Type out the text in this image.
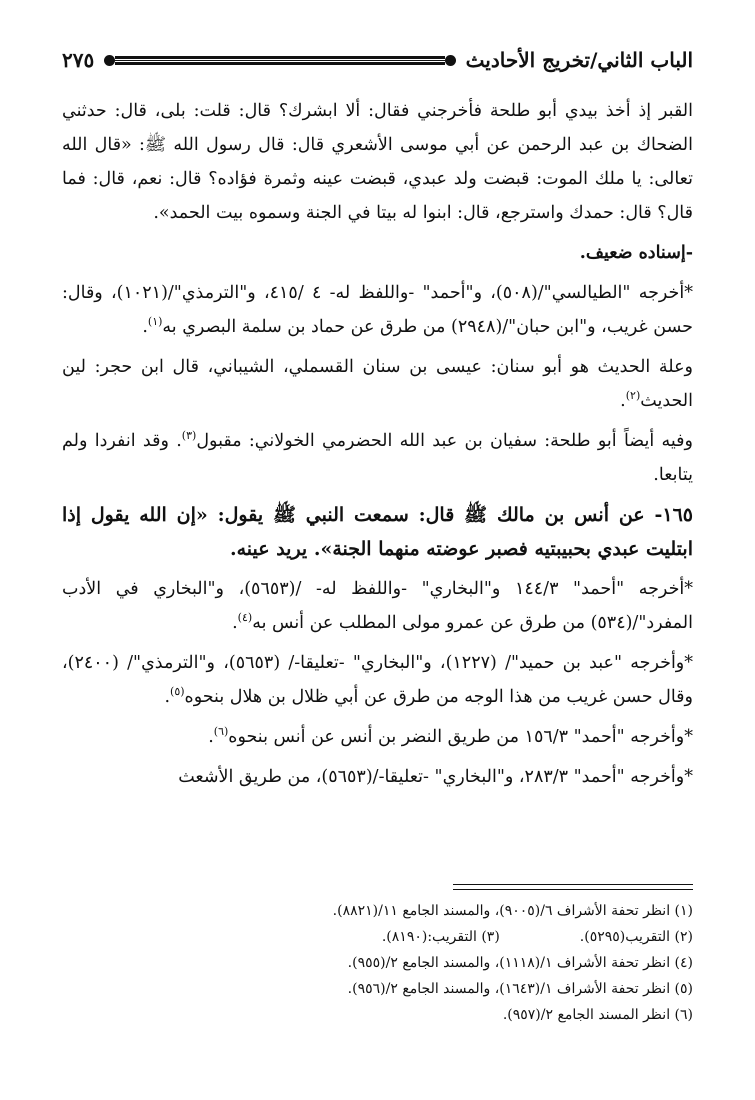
الباب الثاني/تخريج الأحاديث
٢٧٥

القبر إذ أخذ بيدي أبو طلحة فأخرجني فقال: ألا ابشرك؟ قال: قلت: بلى، قال: حدثني الضحاك بن عبد الرحمن عن أبي موسى الأشعري قال: قال رسول الله ﷺ: «قال الله تعالى: يا ملك الموت: قبضت ولد عبدي، قبضت عينه وثمرة فؤاده؟ قال: نعم، قال: فما قال؟ قال: حمدك واسترجع، قال: ابنوا له بيتا في الجنة وسموه بيت الحمد».

-إسناده ضعيف.

*أخرجه "الطيالسي"/(٥٠٨)، و"أحمد" -واللفظ له- ٤ /٤١٥، و"الترمذي"/(١٠٢١)، وقال: حسن غريب، و"ابن حبان"/(٢٩٤٨) من طرق عن حماد بن سلمة البصري به$^{(١)}$.

وعلة الحديث هو أبو سنان: عيسى بن سنان القسملي، الشيباني، قال ابن حجر: لين الحديث$^{(٢)}$.

وفيه أيضاً أبو طلحة: سفيان بن عبد الله الحضرمي الخولاني: مقبول$^{(٣)}$. وقد انفردا ولم يتابعا.

١٦٥- عن أنس بن مالك ﷺ قال: سمعت النبي ﷺ يقول: «إن الله يقول إذا ابتليت عبدي بحبيبتيه فصبر عوضته منهما الجنة». يريد عينه.

*أخرجه "أحمد" ١٤٤/٣ و"البخاري" -واللفظ له- /(٥٦٥٣)، و"البخاري في الأدب المفرد"/(٥٣٤) من طرق عن عمرو مولى المطلب عن أنس به$^{(٤)}$.

*وأخرجه "عبد بن حميد"/ (١٢٢٧)، و"البخاري" -تعليقا-/ (٥٦٥٣)، و"الترمذي"/ (٢٤٠٠)، وقال حسن غريب من هذا الوجه من طرق عن أبي ظلال بن هلال بنحوه$^{(٥)}$.

*وأخرجه "أحمد" ١٥٦/٣ من طريق النضر بن أنس عن أنس بنحوه$^{(٦)}$.

*وأخرجه "أحمد" ٢٨٣/٣، و"البخاري" -تعليقا-/(٥٦٥٣)، من طريق الأشعث

(١) انظر تحفة الأشراف ٦/(٩٠٠٥)، والمسند الجامع ١١/(٨٨٢١).
(٢) التقريب(٥٢٩٥).
(٣) التقريب:(٨١٩٠).
(٤) انظر تحفة الأشراف ١/(١١١٨)، والمسند الجامع ٢/(٩٥٥).
(٥) انظر تحفة الأشراف ١/(١٦٤٣)، والمسند الجامع ٢/(٩٥٦).
(٦) انظر المسند الجامع ٢/(٩٥٧).
